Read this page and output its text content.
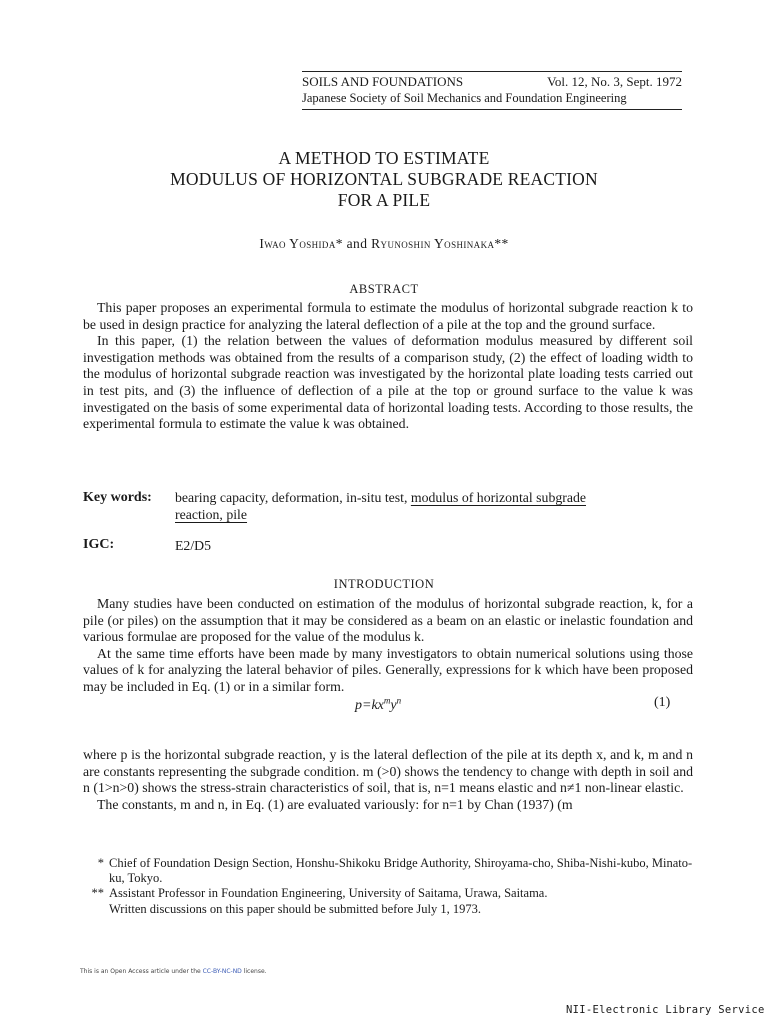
SOILS AND FOUNDATIONS	Vol. 12, No. 3, Sept. 1972
Japanese Society of Soil Mechanics and Foundation Engineering
A METHOD TO ESTIMATE
MODULUS OF HORIZONTAL SUBGRADE REACTION
FOR A PILE
Iwao Yoshida* and Ryunoshin Yoshinaka**
ABSTRACT

This paper proposes an experimental formula to estimate the modulus of horizontal subgrade reaction k to be used in design practice for analyzing the lateral deflection of a pile at the top and the ground surface.

In this paper, (1) the relation between the values of deformation modulus measured by different soil investigation methods was obtained from the results of a comparison study, (2) the effect of loading width to the modulus of horizontal subgrade reaction was investigated by the horizontal plate loading tests carried out in test pits, and (3) the influence of deflection of a pile at the top or ground surface to the value k was investigated on the basis of some experimental data of horizontal loading tests. According to those results, the experimental formula to estimate the value k was obtained.

Key words: bearing capacity, deformation, in-situ test, modulus of horizontal subgrade
reaction, pile
IGC:	E2/D5
INTRODUCTION

Many studies have been conducted on estimation of the modulus of horizontal subgrade reaction, k, for a pile (or piles) on the assumption that it may be considered as a beam on an elastic or inelastic foundation and various formulae are proposed for the value of the modulus k.

At the same time efforts have been made by many investigators to obtain numerical solutions using those values of k for analyzing the lateral behavior of piles. Generally, expressions for k which have been proposed may be included in Eq. (1) or in a similar form.

$p=kx^my^n$	(1)

where p is the horizontal subgrade reaction, y is the lateral deflection of the pile at its depth x, and k, m and n are constants representing the subgrade condition. m (>0) shows the tendency to change with depth in soil and n (1>n>0) shows the stress-strain characteristics of soil, that is, n=1 means elastic and n≠1 non-linear elastic.

The constants, m and n, in Eq. (1) are evaluated variously: for n=1 by Chan (1937) (m

* Chief of Foundation Design Section, Honshu-Shikoku Bridge Authority, Shiroyama-cho, Shiba-Nishi-kubo, Minato-ku, Tokyo.
** Assistant Professor in Foundation Engineering, University of Saitama, Urawa, Saitama.
Written discussions on this paper should be submitted before July 1, 1973.
This is an Open Access article under the CC-BY-NC-ND license.
NII-Electronic Library Service
